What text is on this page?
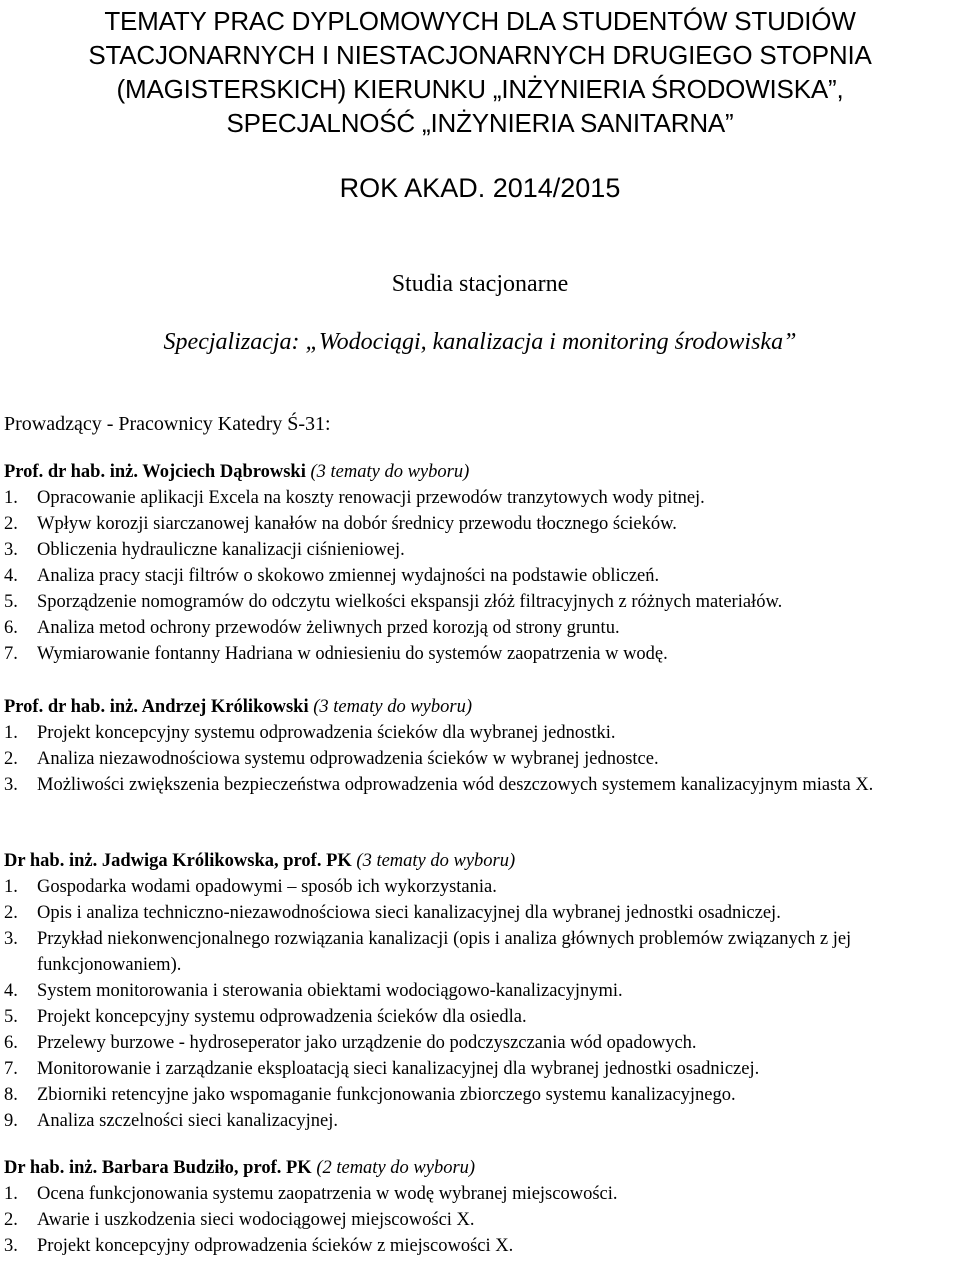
TEMATY PRAC DYPLOMOWYCH DLA STUDENTÓW STUDIÓW
STACJONARNYCH I NIESTACJONARNYCH DRUGIEGO STOPNIA
(MAGISTERSKICH) KIERUNKU „INŻYNIERIA ŚRODOWISKA”,
SPECJALNOŚĆ „INŻYNIERIA SANITARNA”
ROK AKAD. 2014/2015
Studia stacjonarne
Specjalizacja: „Wodociągi, kanalizacja i monitoring środowiska”
Prowadzący - Pracownicy Katedry Ś-31:
Prof. dr hab. inż. Wojciech Dąbrowski (3 tematy do wyboru)
1. Opracowanie aplikacji Excela na koszty renowacji przewodów tranzytowych wody pitnej.
2. Wpływ korozji siarczanowej kanałów na dobór średnicy przewodu tłocznego ścieków.
3. Obliczenia hydrauliczne kanalizacji ciśnieniowej.
4. Analiza pracy stacji filtrów o skokowo zmiennej wydajności na podstawie obliczeń.
5. Sporządzenie nomogramów do odczytu wielkości ekspansji złóż filtracyjnych z różnych materiałów.
6. Analiza metod ochrony przewodów żeliwnych przed korozją od strony gruntu.
7. Wymiarowanie fontanny Hadriana w odniesieniu do systemów zaopatrzenia w wodę.
Prof. dr hab. inż. Andrzej Królikowski (3 tematy do wyboru)
1. Projekt koncepcyjny systemu odprowadzenia ścieków dla wybranej jednostki.
2. Analiza niezawodnościowa systemu odprowadzenia ścieków w wybranej jednostce.
3. Możliwości zwiększenia bezpieczeństwa odprowadzenia wód deszczowych systemem kanalizacyjnym miasta X.
Dr hab. inż. Jadwiga Królikowska, prof. PK (3 tematy do wyboru)
1. Gospodarka wodami opadowymi – sposób ich wykorzystania.
2. Opis i analiza techniczno-niezawodnościowa sieci kanalizacyjnej dla wybranej jednostki osadniczej.
3. Przykład niekonwencjonalnego rozwiązania kanalizacji (opis i analiza głównych problemów związanych z jej funkcjonowaniem).
4. System monitorowania i sterowania obiektami wodociągowo-kanalizacyjnymi.
5. Projekt koncepcyjny systemu odprowadzenia ścieków dla osiedla.
6. Przelewy burzowe - hydroseperator jako urządzenie do podczyszczania wód opadowych.
7. Monitorowanie i zarządzanie eksploatacją sieci kanalizacyjnej dla wybranej jednostki osadniczej.
8. Zbiorniki retencyjne jako wspomaganie funkcjonowania zbiorczego systemu kanalizacyjnego.
9. Analiza szczelności sieci kanalizacyjnej.
Dr hab. inż. Barbara Budziło, prof. PK (2 tematy do wyboru)
1. Ocena funkcjonowania systemu zaopatrzenia w wodę wybranej miejscowości.
2. Awarie i uszkodzenia sieci wodociągowej miejscowości X.
3. Projekt koncepcyjny odprowadzenia ścieków z miejscowości X.
